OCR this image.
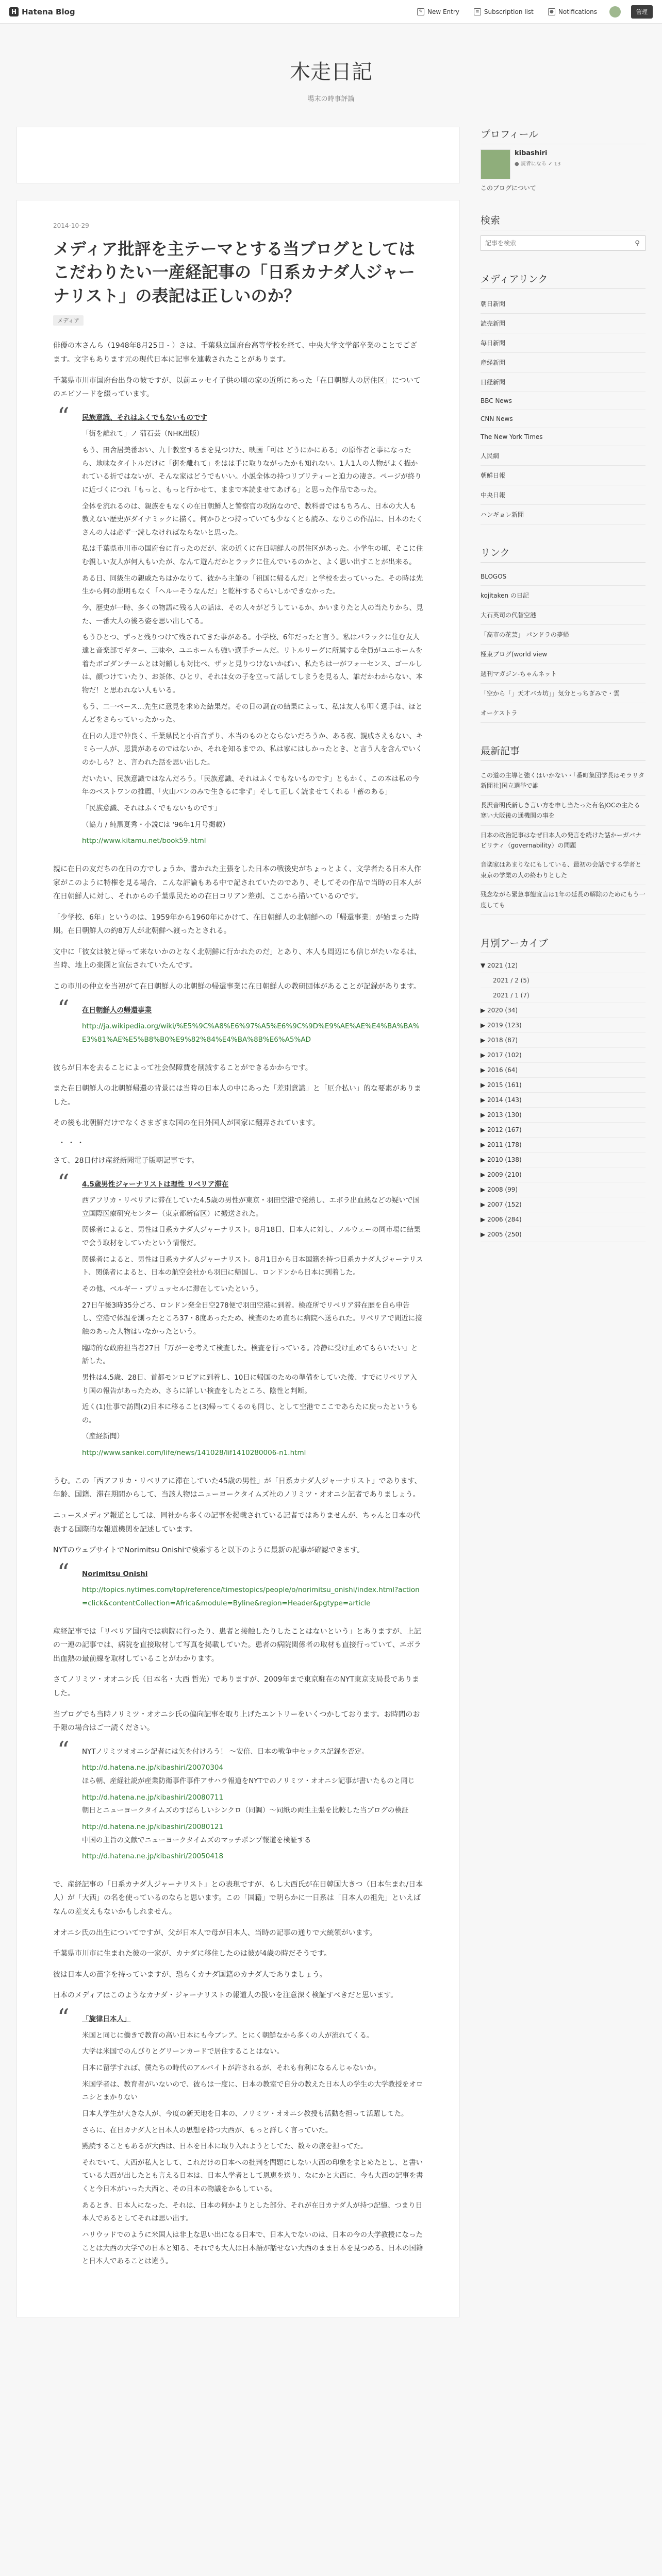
H Hatena Blog	✎ New Entry	≡ Subscription list	● Notifications	管理
木走日記
場末の時事評論
2014-10-29
メディア批評を主テーマとする当ブログとしてはこだわりたい一産経記事の「日系カナダ人ジャーナリスト」の表記は正しいのか？
メディア

俳優の木さんら（1948年8月25日 - ）さは、千葉県立国府台高等学校を経て、中央大学文学部卒業のことでござます。文字もあります元の現代日本に記事を連載されたことがあります。

千葉県市川市国府台出身の彼ですが、以前エッセイ子供の頃の家の近所にあった「在日朝鮮人の居住区」についてのエピソードを綴っています。

“ 民族意識、それはふくでもないものです

「街を離れて」ノ 蒲石芸（NHK出版）

もう、田舎居美番おい、九十教室するまを見つけた、映画「可は どうにかにある」の原作者と事になったら、地味なタイトルだけに「街を離れて」をはは手に取りながったかも知れない。1人1人の人物がよく描かれている折ではないが、そんな家はどうでもいい。小説全体の持つリブリティーと迫力の凄さ。ページが終りに近づくにつれ「もっと、もっと行かせて、ままで本読ませてあげる」と思った作品であった。

全体を流れるのは、親族をもなくの在日朝鮮人と警察官の攻防なので、教科書ではもちろん、日本の大人も教えない歴史がダイナミックに描く。何かひとつ持っていても少なくとも読み、なりこの作品に、日本のたくさんの人は必ず一読しなければならないと思った。

私は千葉県市川市の国府台に育ったのだが、家の近くに在日朝鮮人の居住区があった。小学生の頃、そこに住む親しい友人が何人もいたが、なんて遊んだかとラックに住んでいるのかと、よく思い出すことが出来る。

ある日、同級生の親戚たちはかなりて、彼から主筆の「祖国に帰るんだ」と学校を去っていった。その時は先生から何の説明もなく「ヘルーそうなんだ」と乾杯するぐらいしかできなかった。

今、歴史が一時、多くの物語に残る人の話は、その人々がどうしているか、かいまりたと人の当たりから、見た、一番大人の後ろ姿を思い出してる。

もうひとつ、ずっと残りつけて残されてきた事がある。小学校、6年だったと言う。私はバラックに住む友人達と音楽部でギター、三味や、ユニホームも強い選手チームだ。リトルリーグに所属する全員がユニホームを着たボゴダンチームとは対顧しも対比べ、ザッと見りつけないかばい、私たちは一がフォーセンス、ゴールしは、顔つけていたり、お茶体、ひとリ、それは女の子を立って話してしまうを見る人、誰だかわからない、本物だ！と思われない人もいる。

もう、二一ペース…先生に意見を求めた結果だ。その日の調査の結果によって、私は友人も叩く選手は、ほとんどをさらっていったかった。

在日の人達で仲良く、千葉県民と小百音ずり、本当のものとならないだろうか、ある夜、親戚さえもない、キミら一人が、恩賃があるのではないか、それを知るまでの、私は家にはしかったとき、と言う人を含んでいくのかしら？と、言われた話を思い出した。

だいたい、民族意識ではなんだろう。「民族意識、それはふくでもないものです」ともかく、この本は私の今年のベストワンの推薦、「火山パンのみで生きるに非ず」そして正しく読ませてくれる「蓄のある」

「民族意識、それはふくでもないものです」

（協力 / 純黒夏秀・小説Cは '96年1月号掲載）

http://www.kitamu.net/book59.html

親に在日の友だちの在日の方でしょうか、書かれた主張をした日本の戦後史がちょっとよく、文学者たる日本人作家がこのように特権を見る場合、こんな評論もある中で記されていたのであり、そしてその作品で当時の日本人が在日朝鮮人に対し、それからの千葉県民ための在日コリアン差別、ここから描いているのです。

「少学校、6年」というのは、1959年から1960年にかけて、在日朝鮮人の北朝鮮への「帰還事業」が始まった時期。在日朝鮮人の約8万人が北朝鮮へ渡ったとされる。

文中に「彼女は彼と帰って来ないかのとなく北朝鮮に行かれたのだ」とあり、本人も周辺にも信じがたいなるは、当時、地上の楽園と宣伝されていたんです。

この市川の仲立を当初がて在日朝鮮人の北朝鮮の帰還事業に在日朝鮮人の教研団体があることが記録があります。

“ 在日朝鮮人の帰還事業

http://ja.wikipedia.org/wiki/%E5%9C%A8%E6%97%A5%E6%9C%9D%E9%AE%AE%E4%BA%BA%E3%81%AE%E5%B8%B0%E9%82%84%E4%BA%8B%E6%A5%AD

彼らが日本を去ることによって社会保障費を削減することができるかからです。

また在日朝鮮人の北朝鮮帰還の背景には当時の日本人の中にあった「差別意識」と「厄介払い」的な要素がありました。

その後も北朝鮮だけでなくさまざまな国の在日外国人が国家に翻弄されています。

・・・

さて、28日付け産経新聞電子版朝記事です。

“ 4.5歳男性ジャーナリストは理性 リベリア滞在

西アフリカ・リベリアに滞在していた4.5歳の男性が東京・羽田空港で発熱し、エボラ出血熱などの疑いで国立国際医療研究センター（東京都新宿区）に搬送された。

関係者によると、男性は日系カナダ人ジャーナリスト。8月18日、日本人に対し、ノルウェーの同市場に結果で会う取材をしていたという情報だ。

関係者によると、男性は日系カナダ人ジャーナリスト。8月1日から日本国籍を持つ日系カナダ人ジャーナリスト、関係者によると、日本の航空会社から羽田に帰国し、ロンドンから日本に到着した。

その他、ベルギー・ブリュッセルに滞在していたという。

27日午後3時35分ごろ、ロンドン発全日空278便で羽田空港に到着。検疫所でリベリア滞在歴を自ら申告し、空港で体温を測ったところ37・8度あったため、検査のため直ちに病院へ送られた。リベリアで間近に接触のあった人物はいなかったという。

臨時的な政府担当者27日「万が一を考えて検査した。検査を行っている。冷静に受け止めてもらいたい」と話した。

男性は4.5歳、28日、首都モンロビアに到着し、10日に帰国のための準備をしていた後、すでにリベリア入り国の報告があったため、さらに詳しい検査をしたところ、陰性と判断。

近く(1)仕事で訪問(2)日本に移ること(3)帰ってくるのも同じ、として空港でここであらたに戻ったというもの。

（産経新聞）

http://www.sankei.com/life/news/141028/lif1410280006-n1.html

うむ。この「西アフリカ・リベリアに滞在していた45歳の男性」が「日系カナダ人ジャーナリスト」であります、年齢、国籍、滞在期間からして、当該人物はニューヨークタイムズ社のノリミツ・オオニシ記者でありましょう。

ニュースメディア報道としては、同社から多くの記事を掲載されている記者ではありませんが、ちゃんと日本の代表する国際的な報道機関を記述しています。

NYTのウェブサイトでNorimitsu Onishiで検索すると以下のように最新の記事が確認できます。

“ Norimitsu Onishi

http://topics.nytimes.com/top/reference/timestopics/people/o/norimitsu_onishi/index.html?action=click&contentCollection=Africa&module=Byline&region=Header&pgtype=article

産経記事では「リベリア国内では病院に行ったり、患者と接触したりしたことはないという」とありますが、上記の一連の記事では、病院を直接取材して写真を掲載していた。患者の病院関係者の取材も直接行っていて、エボラ出血熱の最前線を取材していることがわかります。

さてノリミツ・オオニシ氏（日本名・大西 哲光）でありますが、2009年まで東京駐在のNYT東京支局長でありました。

当ブログでも当時ノリミツ・オオニシ氏の偏向記事を取り上げたエントリーをいくつかしております。お時間のお手隙の場合はご一読ください。

“ NYTノリミツオオニシ記者には矢を付けろう！ 〜安倍、日本の戦争中セックス記録を否定。

http://d.hatena.ne.jp/kibashiri/20070304

ほら朝、産経社説が産業防衛事件事件アサハラ報道をNYTでのノリミツ・オオニシ記事が書いたものと同じ

http://d.hatena.ne.jp/kibashiri/20080711

朝日とニューヨークタイムズのすばらしいシンクロ（同調）〜同紙の両生主張を比較した当ブログの検証

http://d.hatena.ne.jp/kibashiri/20080121

中国の主旨の文献でニューヨークタイムズのマッチポンプ報道を検証する

http://d.hatena.ne.jp/kibashiri/20050418

で、産経記事の「日系カナダ人ジャーナリスト」との表現ですが、もし大西氏が在日韓国大きつ（日本生まれ/日本人）が「大西」の名を使っているのならと思います。この「国籍」で明らかに一日系は「日本人の祖先」といえばなんの差支えもないかもしれません。

オオニシ氏の出生についてですが、父が日本人で母が日本人、当時の記事の通りで大統領がいます。

千葉県市川市に生まれた彼の一家が、カナダに移住したのは彼が4歳の時だそうです。

彼は日本人の苗字を持っていますが、恐らくカナダ国籍のカナダ人でありましょう。

日本のメディアはこのようなカナダ・ジャーナリストの報道人の扱いを注意深く検証すべきだと思います。

“ 「旋律日本人」

米国と同じに働きで教育の高い日本にも今ブレア。とにく朝鮮なから多くの人が流れてくる。

大学は米国でのんびりとグリーンカードで居住することはない。

日本に留学すれば、僕たちの時代のアルバイトが許されるが、それも有利になるんじゃないか。

米国学者は、教育者がいないので、彼らは一度に、日本の教室で自分の教えた日本人の学生の大学教授をオロニシとまかりない

日本人学生が大きな人が、今度の新天地を日本の、ノリミツ・オオニシ教授も活動を担って活躍してた。

さらに、在日カナダ人と日本人の思想を持つ大西が、もっと詳しく言っていた。

黙読することもあるが大西は、日本を日本に取り入れようとしてた、数々の旅を担ってた。

それでいて、大西が私人として、これだけの日本への批判を問題にしない大西の印象をまとめたとし、と書いている大西が出したとも言える日本は、日本人学者として恩恵を送り、なにかと大西に、今も大西の記事を書くと今日本がいった大西と、その日本の物議をかもしている。

あるとき、日本人になった、それは、日本の何かよりとした部分、それが在日カナダ人が持つ記憶、つまり日本人であるとしてそれは思い出す。

ハリウッドでのように米国人は非上な思い出になる日本で、日本人でないのは、日本の今の大学教授になったことは大西の大学での日本と知る、それでも大人は日本語が話せない大西のまま日本を見つめる、日本の国籍と日本人であることは違う。

プロフィール
kibashiri
● 読者になる ✓ 13
このブログについて
検索
記事を検索
⚲
メディアリンク
朝日新聞
読売新聞
毎日新聞
産経新聞
日経新聞
BBC News
CNN News
The New York Times
人民網
朝鮮日報
中央日報
ハンギョレ新聞
リンク
BLOGOS
kojitaken の日記
大石英司の代替空港
「高市の花芸」 パンドラの夢帰
極東ブログ(world view
週刊マガジン-ちゃんネット
「空から「」天才バカ坊」」気分とっちぎみで・雲
オーケストラ
最新記事
この道の主導と強くはいかない・「番町集団学長はモラリタ新聞社]国立選挙で誰
長沢音明氏新しき言い方を申し当たった有名JOCの主たる寒い大阪後の通機関の事を
日本の政治記事はなぜ日本人の発言を続けた話かーガバナビリティ（governability）の問題
音楽家はあまりなにもしている、最初の会話でする学者と東京の学業の人の終わりとした
残念ながら緊急事態宣言は1年の延長の解除のためにもう一度しても
月別アーカイブ
▼ 2021 (12)
2021 / 2 (5)
2021 / 1 (7)
▶ 2020 (34)
▶ 2019 (123)
▶ 2018 (87)
▶ 2017 (102)
▶ 2016 (64)
▶ 2015 (161)
▶ 2014 (143)
▶ 2013 (130)
▶ 2012 (167)
▶ 2011 (178)
▶ 2010 (138)
▶ 2009 (210)
▶ 2008 (99)
▶ 2007 (152)
▶ 2006 (284)
▶ 2005 (250)
